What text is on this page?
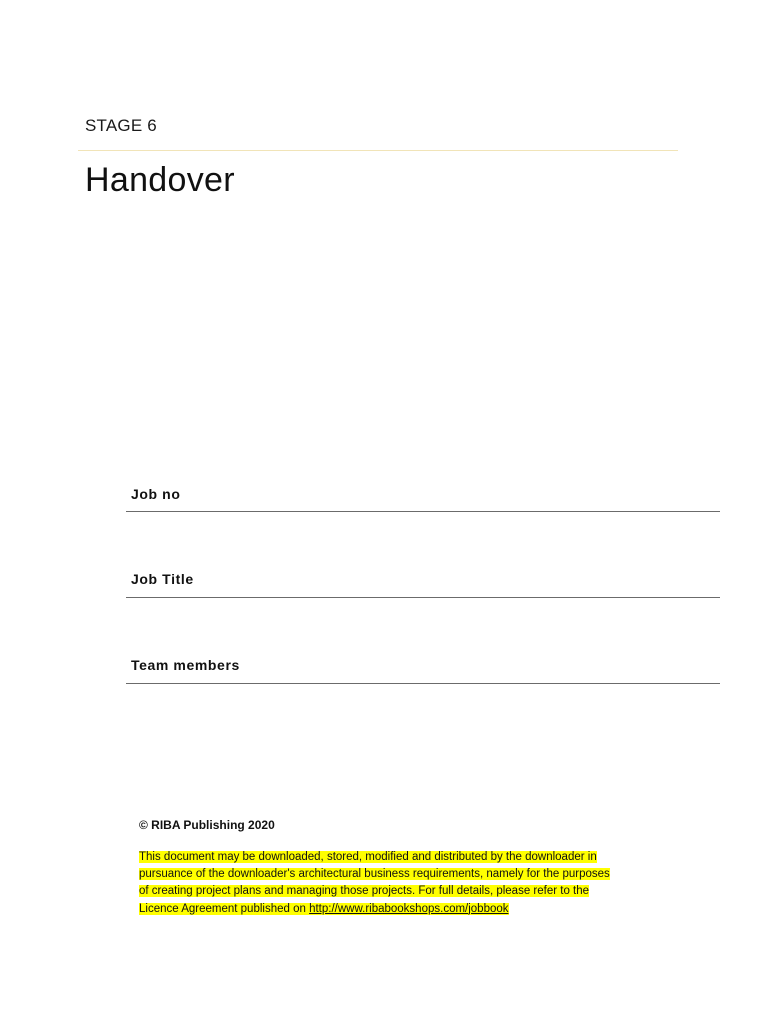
STAGE 6
Handover
Job no
Job Title
Team members
© RIBA Publishing 2020
This document may be downloaded, stored, modified and distributed by the downloader in
pursuance of the downloader's architectural business requirements, namely for the purposes
of creating project plans and managing those projects. For full details, please refer to the
Licence Agreement published on http://www.ribabookshops.com/jobbook
